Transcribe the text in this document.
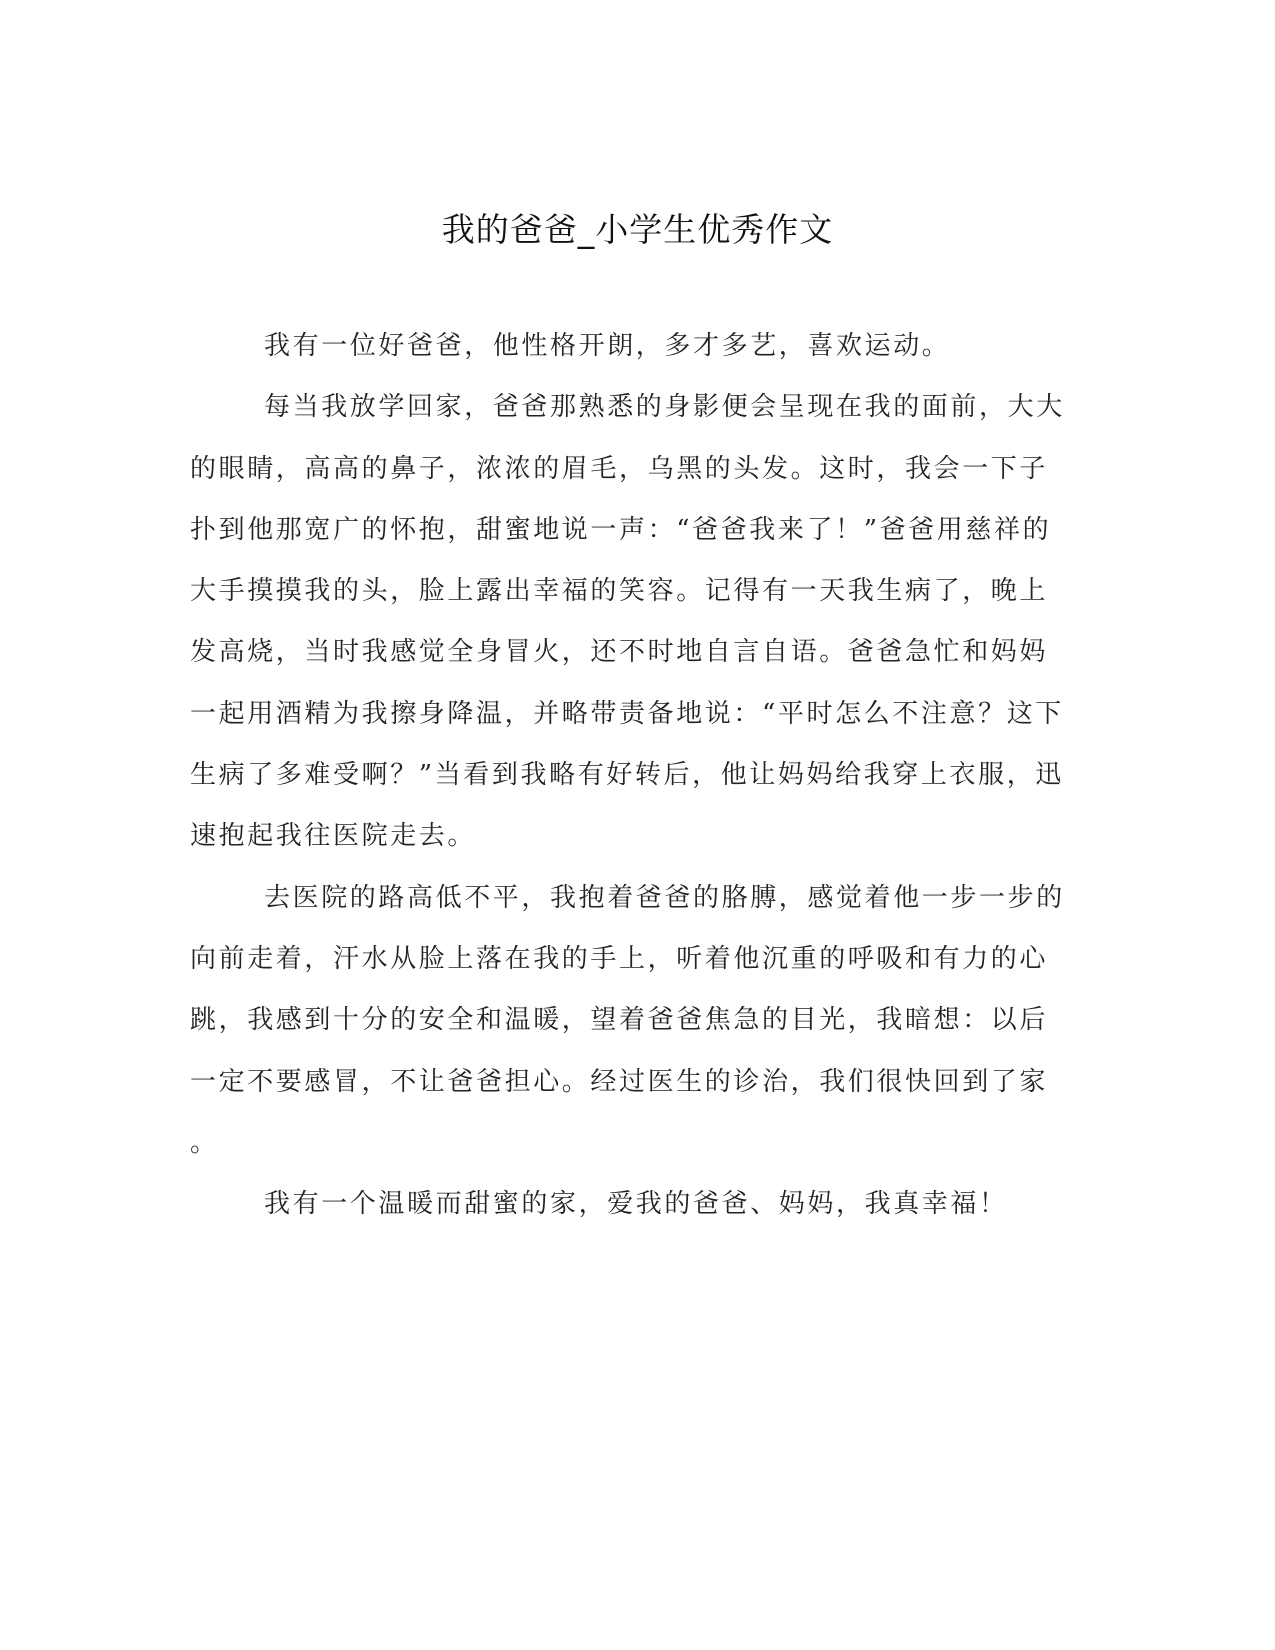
我的爸爸_小学生优秀作文
我有一位好爸爸，他性格开朗，多才多艺，喜欢运动。
每当我放学回家，爸爸那熟悉的身影便会呈现在我的面前，大大
的眼睛，高高的鼻子，浓浓的眉毛，乌黑的头发。这时，我会一下子
扑到他那宽广的怀抱，甜蜜地说一声：“爸爸我来了！”爸爸用慈祥的
大手摸摸我的头，脸上露出幸福的笑容。记得有一天我生病了，晚上
发高烧，当时我感觉全身冒火，还不时地自言自语。爸爸急忙和妈妈
一起用酒精为我擦身降温，并略带责备地说：“平时怎么不注意？这下
生病了多难受啊？”当看到我略有好转后，他让妈妈给我穿上衣服，迅
速抱起我往医院走去。
去医院的路高低不平，我抱着爸爸的胳膊，感觉着他一步一步的
向前走着，汗水从脸上落在我的手上，听着他沉重的呼吸和有力的心
跳，我感到十分的安全和温暖，望着爸爸焦急的目光，我暗想：以后
一定不要感冒，不让爸爸担心。经过医生的诊治，我们很快回到了家
。
我有一个温暖而甜蜜的家，爱我的爸爸、妈妈，我真幸福！
